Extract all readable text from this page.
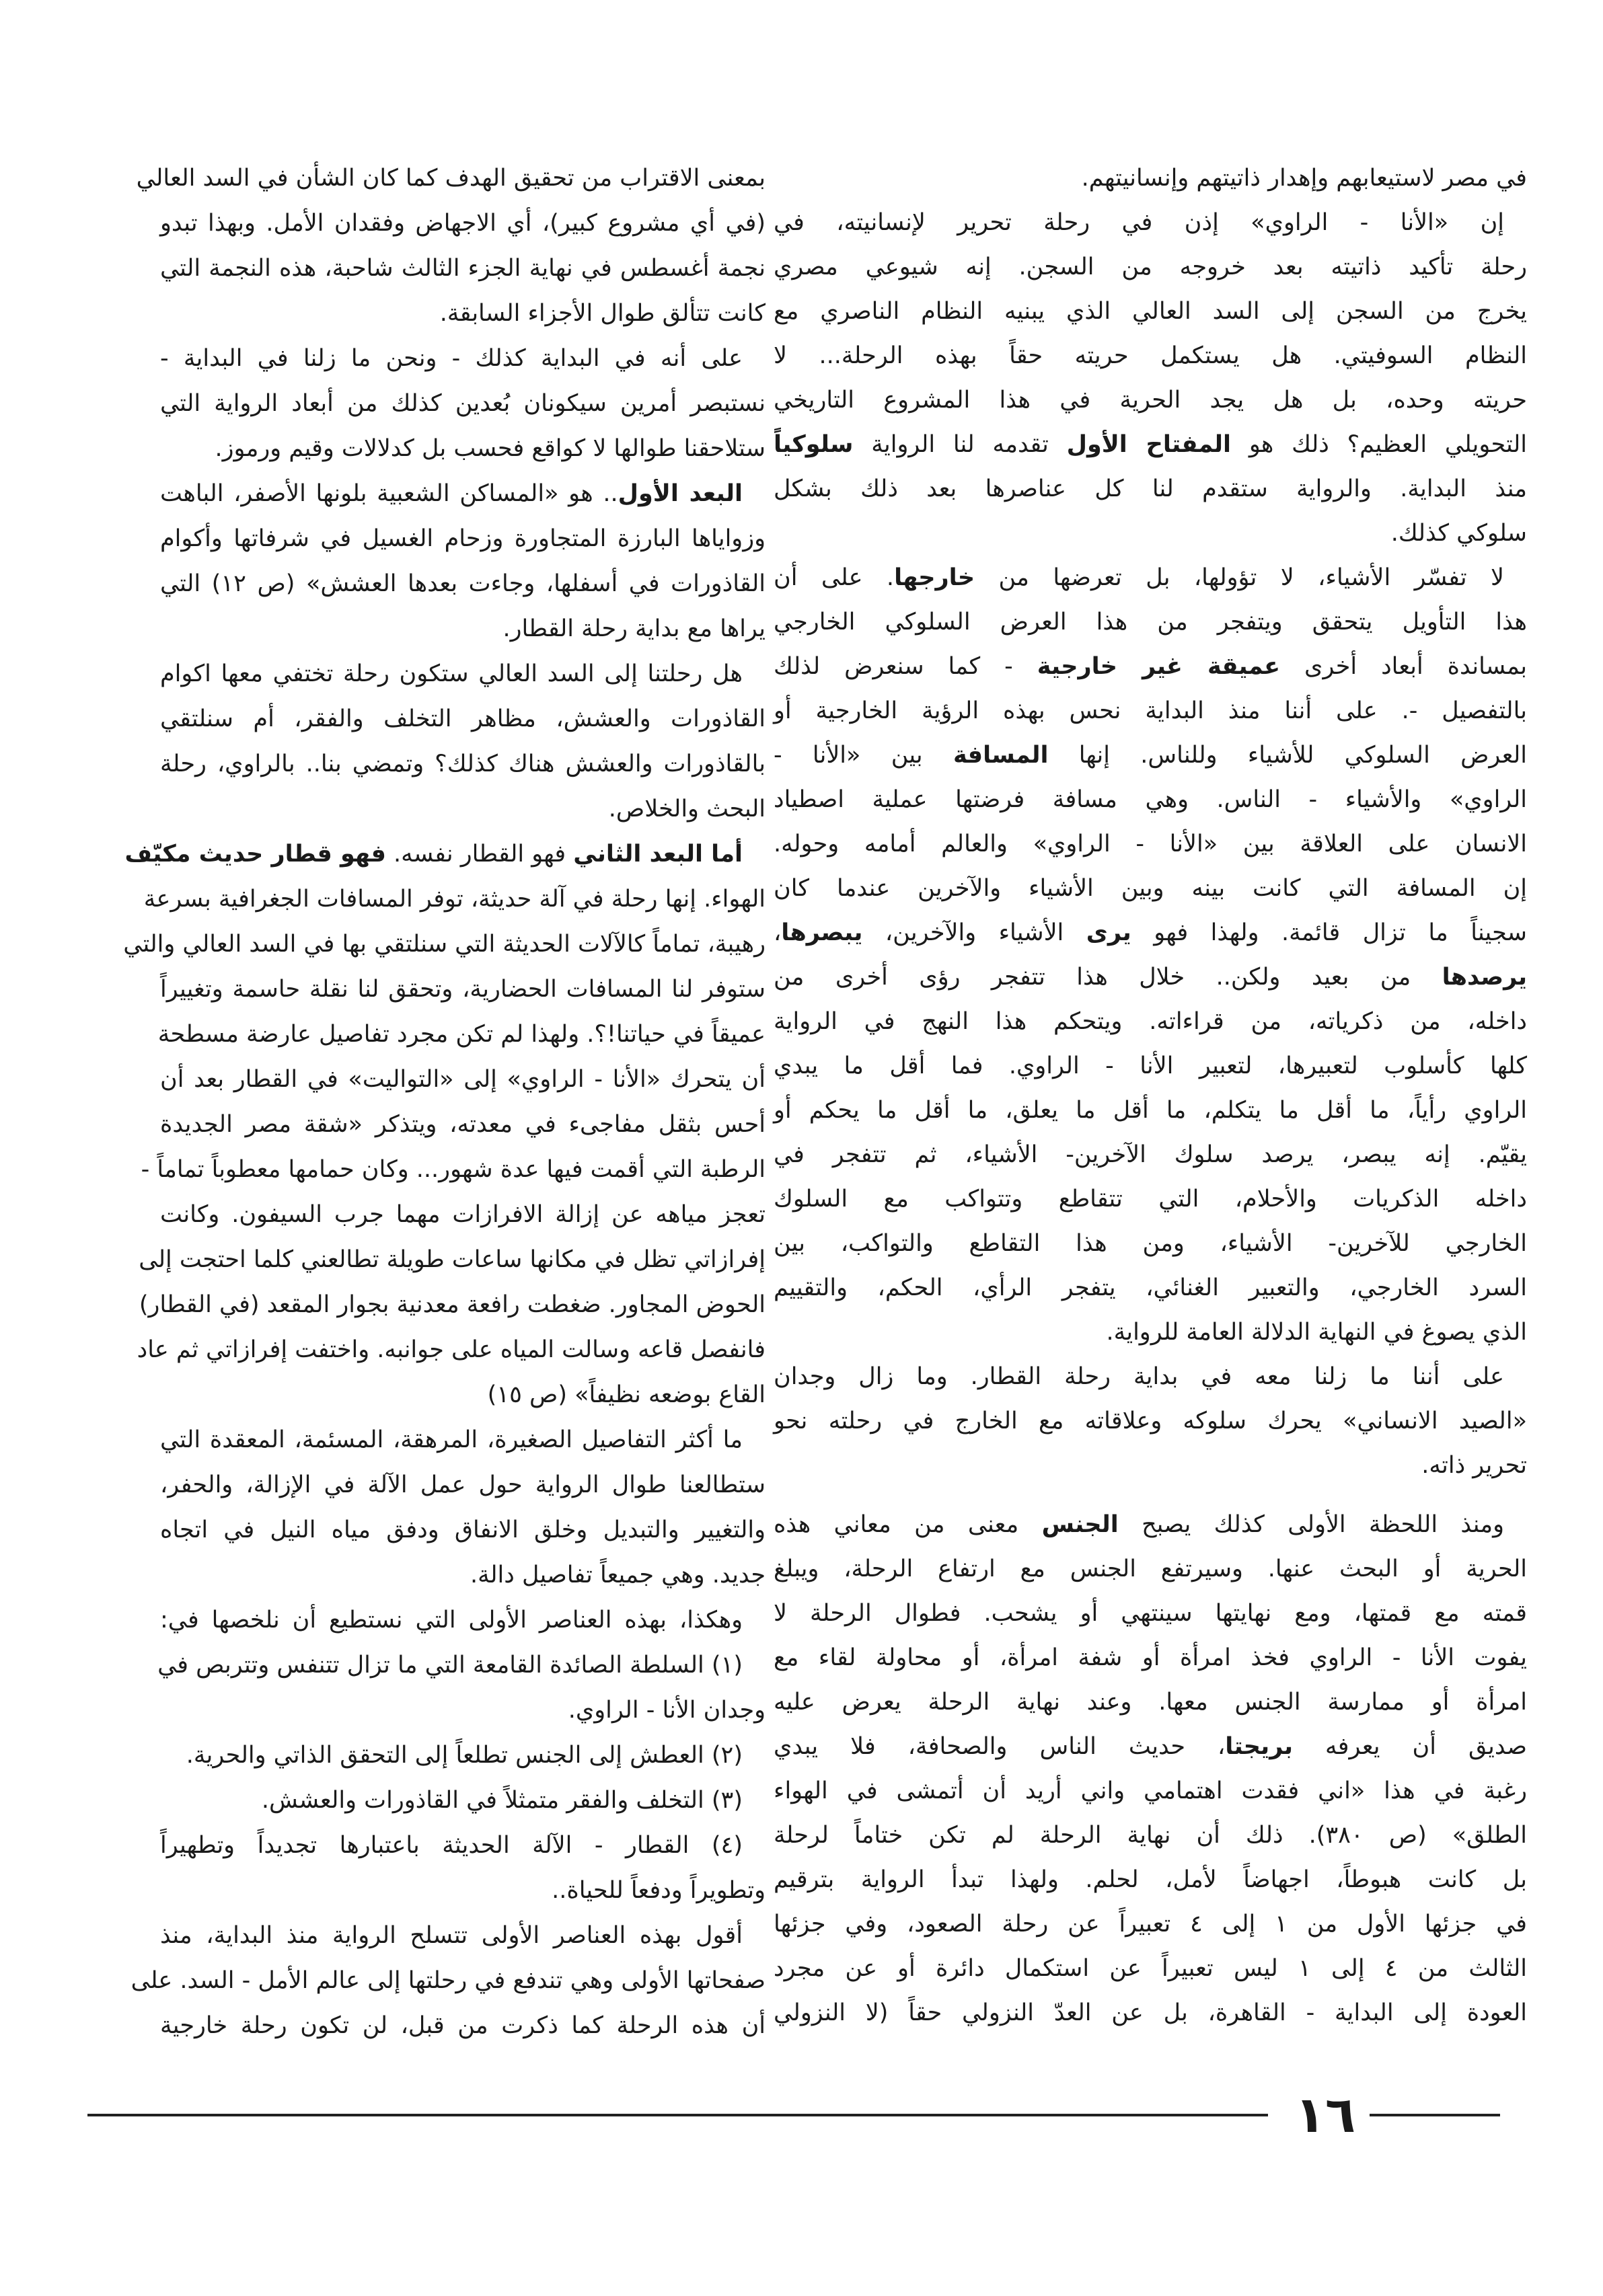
في مصر لاستيعابهم وإهدار ذاتيتهم وإنسانيتهم.
إن «الأنا - الراوي» إذن في رحلة تحرير لإنسانيته، في
رحلة تأكيد ذاتيته بعد خروجه من السجن. إنه شيوعي مصري
يخرج من السجن إلى السد العالي الذي يبنيه النظام الناصري مع
النظام السوفيتي. هل يستكمل حريته حقاً بهذه الرحلة... لا
حريته وحده، بل هل يجد الحرية في هذا المشروع التاريخي
التحويلي العظيم؟ ذلك هو المفتاح الأول تقدمه لنا الرواية سلوكياً
منذ البداية. والرواية ستقدم لنا كل عناصرها بعد ذلك بشكل
سلوكي كذلك.
لا تفسّر الأشياء، لا تؤولها، بل تعرضها من خارجها. على أن
هذا التأويل يتحقق ويتفجر من هذا العرض السلوكي الخارجي
بمساندة أبعاد أخرى عميقة غير خارجية - كما سنعرض لذلك
بالتفصيل -. على أننا منذ البداية نحس بهذه الرؤية الخارجية أو
العرض السلوكي للأشياء وللناس. إنها المسافة بين «الأنا -
الراوي» والأشياء - الناس. وهي مسافة فرضتها عملية اصطياد
الانسان على العلاقة بين «الأنا - الراوي» والعالم أمامه وحوله.
إن المسافة التي كانت بينه وبين الأشياء والآخرين عندما كان
سجيناً ما تزال قائمة. ولهذا فهو يرى الأشياء والآخرين، يبصرها،
يرصدها من بعيد ولكن.. خلال هذا تتفجر رؤى أخرى من
داخله، من ذكرياته، من قراءاته. ويتحكم هذا النهج في الرواية
كلها كأسلوب لتعبيرها، لتعبير الأنا - الراوي. فما أقل ما يبدي
الراوي رأياً، ما أقل ما يتكلم، ما أقل ما يعلق، ما أقل ما يحكم أو
يقيّم. إنه يبصر، يرصد سلوك الآخرين- الأشياء، ثم تتفجر في
داخله الذكريات والأحلام، التي تتقاطع وتتواكب مع السلوك
الخارجي للآخرين- الأشياء، ومن هذا التقاطع والتواكب، بين
السرد الخارجي، والتعبير الغنائي، يتفجر الرأي، الحكم، والتقييم
الذي يصوغ في النهاية الدلالة العامة للرواية.
على أننا ما زلنا معه في بداية رحلة القطار. وما زال وجدان
«الصيد الانساني» يحرك سلوكه وعلاقاته مع الخارج في رحلته نحو
تحرير ذاته.
ومنذ اللحظة الأولى كذلك يصبح الجنس معنى من معاني هذه
الحرية أو البحث عنها. وسيرتفع الجنس مع ارتفاع الرحلة، ويبلغ
قمته مع قمتها، ومع نهايتها سينتهي أو يشحب. فطوال الرحلة لا
يفوت الأنا - الراوي فخذ امرأة أو شفة امرأة، أو محاولة لقاء مع
امرأة أو ممارسة الجنس معها. وعند نهاية الرحلة يعرض عليه
صديق أن يعرفه بريجتا، حديث الناس والصحافة، فلا يبدي
رغبة في هذا «اني فقدت اهتمامي واني أريد أن أتمشى في الهواء
الطلق» (ص ٣٨٠). ذلك أن نهاية الرحلة لم تكن ختاماً لرحلة
بل كانت هبوطاً، اجهاضاً لأمل، لحلم. ولهذا تبدأ الرواية بترقيم
في جزئها الأول من ١ إلى ٤ تعبيراً عن رحلة الصعود، وفي جزئها
الثالث من ٤ إلى ١ ليس تعبيراً عن استكمال دائرة أو عن مجرد
العودة إلى البداية - القاهرة، بل عن العدّ النزولي حقاً (لا النزولي
بمعنى الاقتراب من تحقيق الهدف كما كان الشأن في السد العالي
(في أي مشروع كبير)، أي الاجهاض وفقدان الأمل. وبهذا تبدو
نجمة أغسطس في نهاية الجزء الثالث شاحبة، هذه النجمة التي
كانت تتألق طوال الأجزاء السابقة.
على أنه في البداية كذلك - ونحن ما زلنا في البداية -
نستبصر أمرين سيكونان بُعدين كذلك من أبعاد الرواية التي
ستلاحقنا طوالها لا كواقع فحسب بل كدلالات وقيم ورموز.
البعد الأول.. هو «المساكن الشعبية بلونها الأصفر، الباهت
وزواياها البارزة المتجاورة وزحام الغسيل في شرفاتها وأكوام
القاذورات في أسفلها، وجاءت بعدها العشش» (ص ١٢) التي
يراها مع بداية رحلة القطار.
هل رحلتنا إلى السد العالي ستكون رحلة تختفي معها اكوام
القاذورات والعشش، مظاهر التخلف والفقر، أم سنلتقي
بالقاذورات والعشش هناك كذلك؟ وتمضي بنا.. بالراوي، رحلة
البحث والخلاص.
أما البعد الثاني فهو القطار نفسه. فهو قطار حديث مكيّف
الهواء. إنها رحلة في آلة حديثة، توفر المسافات الجغرافية بسرعة
رهيبة، تماماً كالآلات الحديثة التي سنلتقي بها في السد العالي والتي
ستوفر لنا المسافات الحضارية، وتحقق لنا نقلة حاسمة وتغييراً
عميقاً في حياتنا!؟. ولهذا لم تكن مجرد تفاصيل عارضة مسطحة
أن يتحرك «الأنا - الراوي» إلى «التواليت» في القطار بعد أن
أحس بثقل مفاجىء في معدته، ويتذكر «شقة مصر الجديدة
الرطبة التي أقمت فيها عدة شهور... وكان حمامها معطوباً تماماً -
تعجز مياهه عن إزالة الافرازات مهما جرب السيفون. وكانت
إفرازاتي تظل في مكانها ساعات طويلة تطالعني كلما احتجت إلى
الحوض المجاور. ضغطت رافعة معدنية بجوار المقعد (في القطار)
فانفصل قاعه وسالت المياه على جوانبه. واختفت إفرازاتي ثم عاد
القاع بوضعه نظيفاً» (ص ١٥)
ما أكثر التفاصيل الصغيرة، المرهقة، المسئمة، المعقدة التي
ستطالعنا طوال الرواية حول عمل الآلة في الإزالة، والحفر،
والتغيير والتبديل وخلق الانفاق ودفق مياه النيل في اتجاه
جديد. وهي جميعاً تفاصيل دالة.
وهكذا، بهذه العناصر الأولى التي نستطيع أن نلخصها في:
(١) السلطة الصائدة القامعة التي ما تزال تتنفس وتتربص في
وجدان الأنا - الراوي.
(٢) العطش إلى الجنس تطلعاً إلى التحقق الذاتي والحرية.
(٣) التخلف والفقر متمثلاً في القاذورات والعشش.
(٤) القطار - الآلة الحديثة باعتبارها تجديداً وتطهيراً
وتطويراً ودفعاً للحياة..
أقول بهذه العناصر الأولى تتسلح الرواية منذ البداية، منذ
صفحاتها الأولى وهي تندفع في رحلتها إلى عالم الأمل - السد. على
أن هذه الرحلة كما ذكرت من قبل، لن تكون رحلة خارجية
١٦
